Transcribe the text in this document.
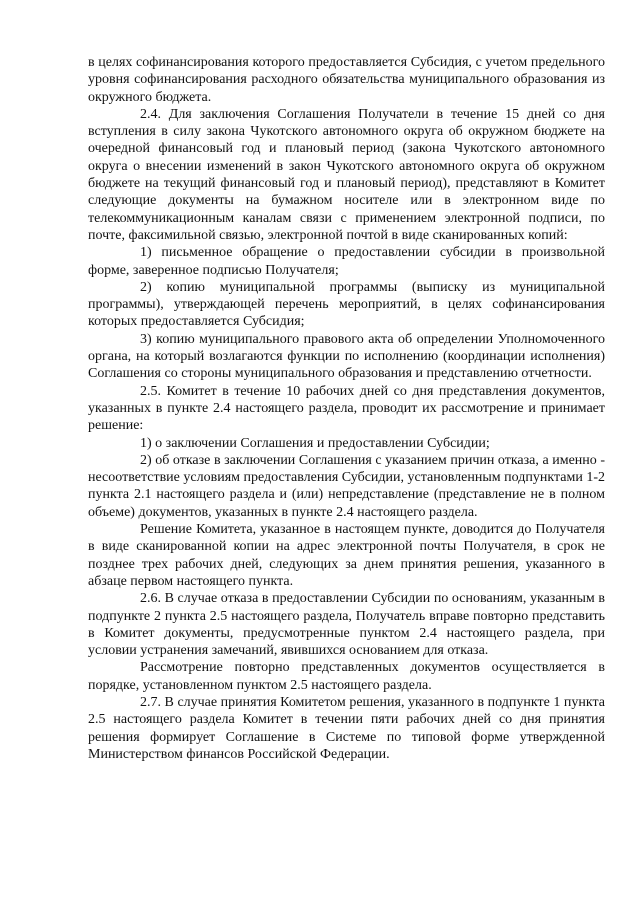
в целях софинансирования которого предоставляется Субсидия, с учетом предельного уровня софинансирования расходного обязательства муниципального образования из окружного бюджета.

2.4. Для заключения Соглашения Получатели в течение 15 дней со дня вступления в силу закона Чукотского автономного округа об окружном бюджете на очередной финансовый год и плановый период (закона Чукотского автономного округа о внесении изменений в закон Чукотского автономного округа об окружном бюджете на текущий финансовый год и плановый период), представляют в Комитет следующие документы на бумажном носителе или в электронном виде по телекоммуникационным каналам связи с применением электронной подписи, по почте, факсимильной связью, электронной почтой в виде сканированных копий:

1) письменное обращение о предоставлении субсидии в произвольной форме, заверенное подписью Получателя;

2) копию муниципальной программы (выписку из муниципальной программы), утверждающей перечень мероприятий, в целях софинансирования которых предоставляется Субсидия;

3) копию муниципального правового акта об определении Уполномоченного органа, на который возлагаются функции по исполнению (координации исполнения) Соглашения со стороны муниципального образования и представлению отчетности.

2.5. Комитет в течение 10 рабочих дней со дня представления документов, указанных в пункте 2.4 настоящего раздела, проводит их рассмотрение и принимает решение:

1) о заключении Соглашения и предоставлении Субсидии;

2) об отказе в заключении Соглашения с указанием причин отказа, а именно - несоответствие условиям предоставления Субсидии, установленным подпунктами 1-2 пункта 2.1 настоящего раздела и (или) непредставление (представление не в полном объеме) документов, указанных в пункте 2.4 настоящего раздела.

Решение Комитета, указанное в настоящем пункте, доводится до Получателя в виде сканированной копии на адрес электронной почты Получателя, в срок не позднее трех рабочих дней, следующих за днем принятия решения, указанного в абзаце первом настоящего пункта.

2.6. В случае отказа в предоставлении Субсидии по основаниям, указанным в подпункте 2 пункта 2.5 настоящего раздела, Получатель вправе повторно представить в Комитет документы, предусмотренные пунктом 2.4 настоящего раздела, при условии устранения замечаний, явившихся основанием для отказа.

Рассмотрение повторно представленных документов осуществляется в порядке, установленном пунктом 2.5 настоящего раздела.

2.7. В случае принятия Комитетом решения, указанного в подпункте 1 пункта 2.5 настоящего раздела Комитет в течении пяти рабочих дней со дня принятия решения формирует Соглашение в Системе по типовой форме утвержденной Министерством финансов Российской Федерации.
